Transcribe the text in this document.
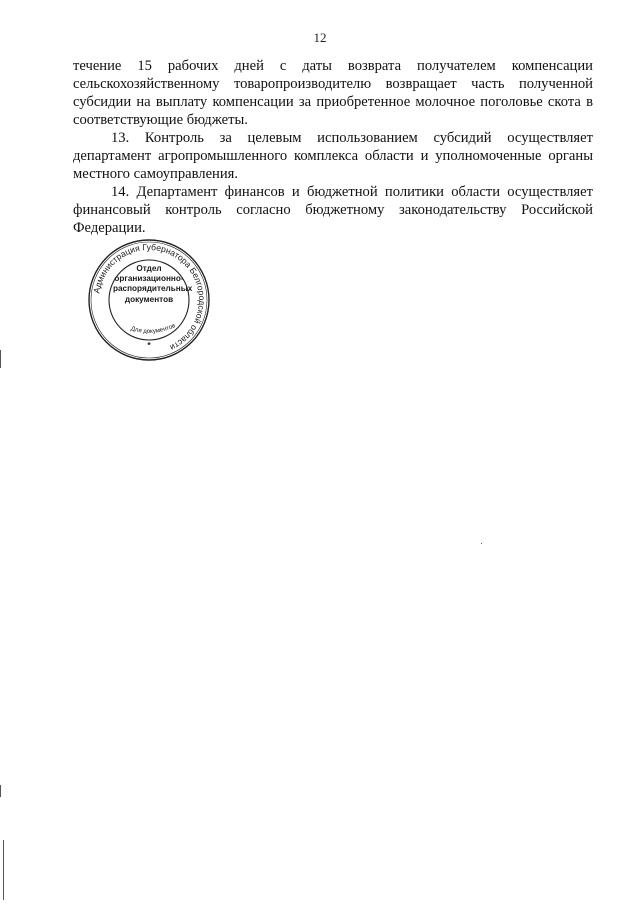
12

течение 15 рабочих дней с даты возврата получателем компенсации сельскохозяйственному товаропроизводителю возвращает часть полученной субсидии на выплату компенсации за приобретенное молочное поголовье скота в соответствующие бюджеты.

13. Контроль за целевым использованием субсидий осуществляет департамент агропромышленного комплекса области и уполномоченные органы местного самоуправления.

14. Департамент финансов и бюджетной политики области осуществляет финансовый контроль согласно бюджетному законодательству Российской Федерации.

Администрация Губернатора Белгородской области
Для документов
*
Отдел
организационно-
распорядительных
документов
